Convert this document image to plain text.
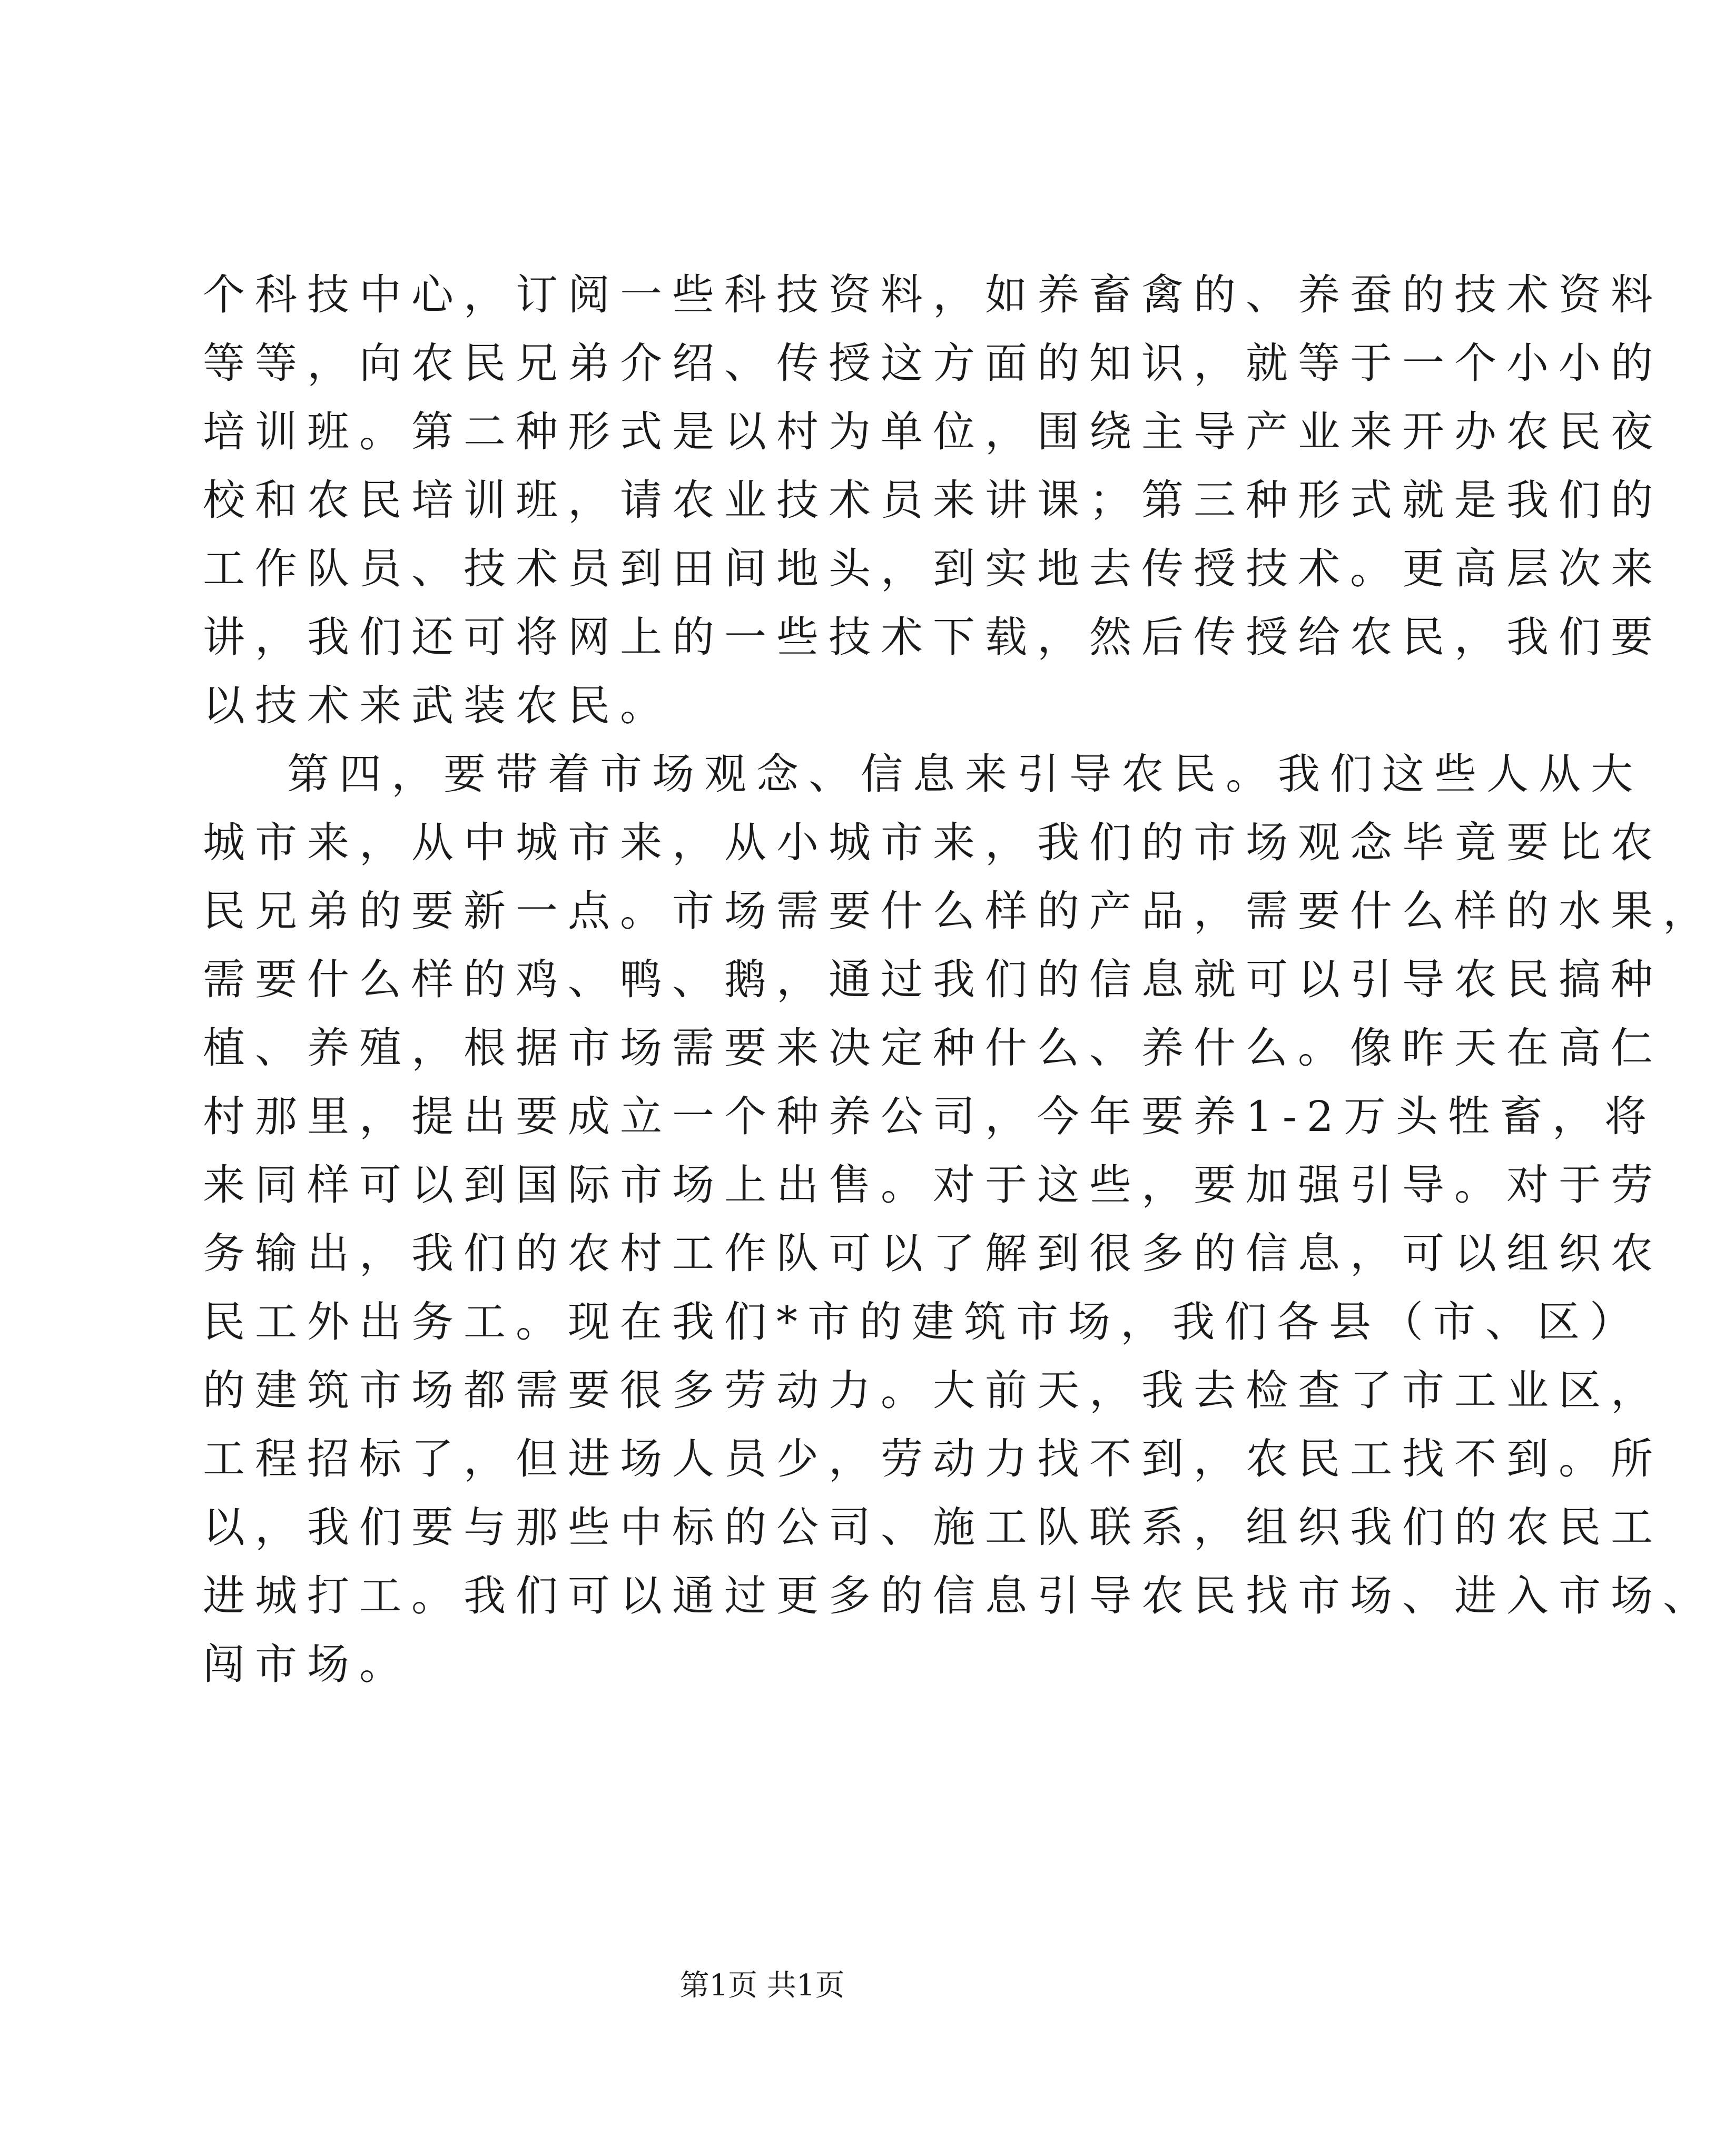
个科技中心，订阅一些科技资料，如养畜禽的、养蚕的技术资料
等等，向农民兄弟介绍、传授这方面的知识，就等于一个小小的
培训班。第二种形式是以村为单位，围绕主导产业来开办农民夜
校和农民培训班，请农业技术员来讲课；第三种形式就是我们的
工作队员、技术员到田间地头，到实地去传授技术。更高层次来
讲，我们还可将网上的一些技术下载，然后传授给农民，我们要
以技术来武装农民。
第四，要带着市场观念、信息来引导农民。我们这些人从大
城市来，从中城市来，从小城市来，我们的市场观念毕竟要比农
民兄弟的要新一点。市场需要什么样的产品，需要什么样的水果，
需要什么样的鸡、鸭、鹅，通过我们的信息就可以引导农民搞种
植、养殖，根据市场需要来决定种什么、养什么。像昨天在高仁
村那里，提出要成立一个种养公司，今年要养1-2万头牲畜，将
来同样可以到国际市场上出售。对于这些，要加强引导。对于劳
务输出，我们的农村工作队可以了解到很多的信息，可以组织农
民工外出务工。现在我们*市的建筑市场，我们各县（市、区）
的建筑市场都需要很多劳动力。大前天，我去检查了市工业区，
工程招标了，但进场人员少，劳动力找不到，农民工找不到。所
以，我们要与那些中标的公司、施工队联系，组织我们的农民工
进城打工。我们可以通过更多的信息引导农民找市场、进入市场、
闯市场。
第1页 共1页
